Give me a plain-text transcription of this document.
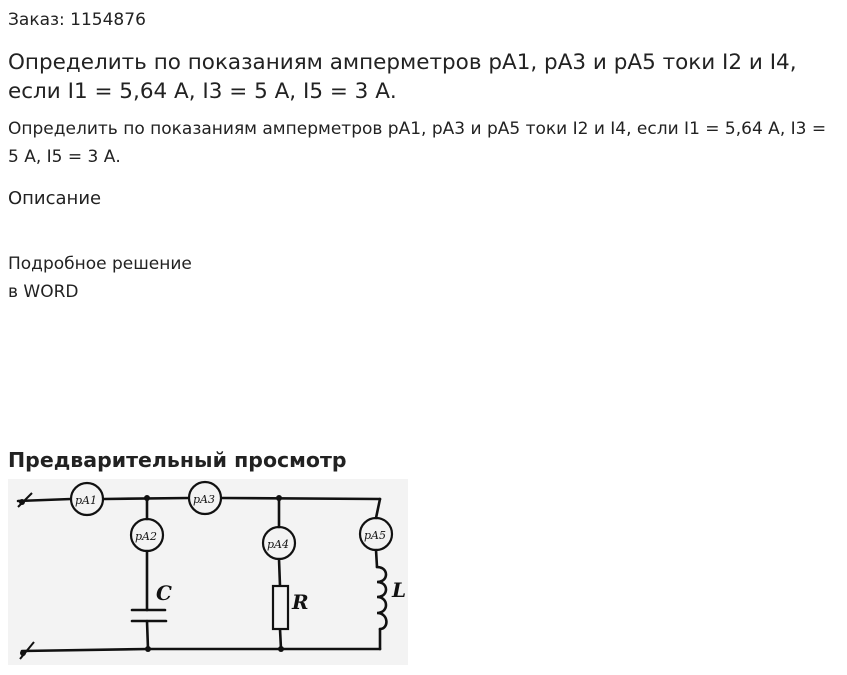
Заказ: 1154876
Определить по показаниям амперметров pA1, pA3 и pA5 токи I2 и I4, если I1 = 5,64 А, I3 = 5 А, I5 = 3 А.

Определить по показаниям амперметров pA1, pA3 и pA5 токи I2 и I4, если I1 = 5,64 А, I3 = 5 А, I5 = 3 А.

Описание
Подробное решение
в WORD
Предварительный просмотр
pA1
pA2
pA3
pA4
pA5
C	R	L
